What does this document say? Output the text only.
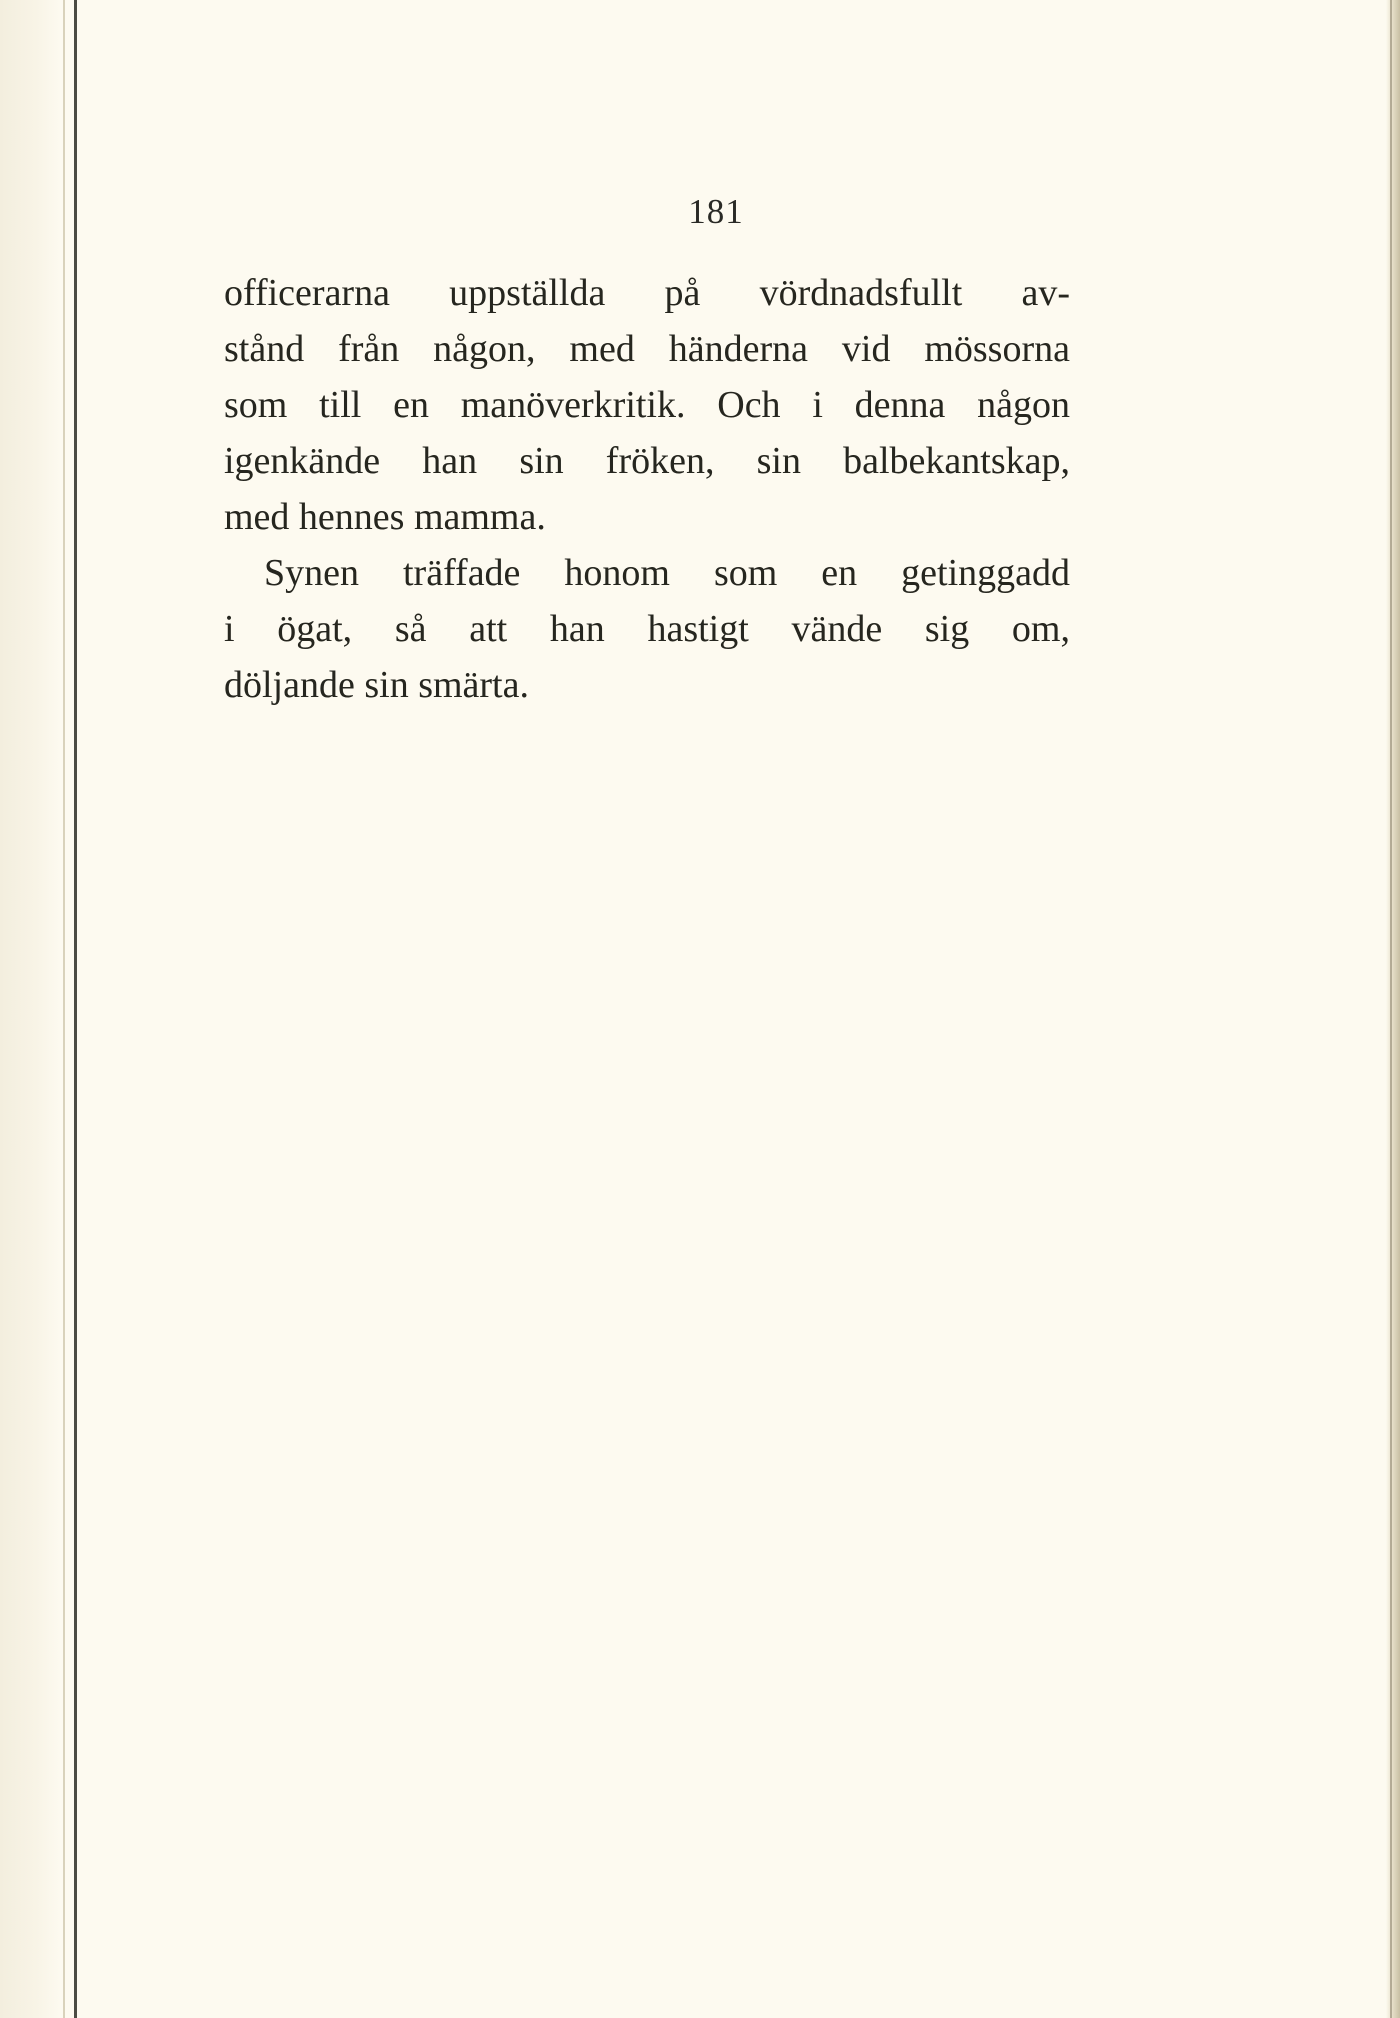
181
officerarna uppställda på vördnadsfullt av-
stånd från någon, med händerna vid mössorna
som till en manöverkritik. Och i denna någon
igenkände han sin fröken, sin balbekantskap,
med hennes mamma.
Synen träffade honom som en getinggadd
i ögat, så att han hastigt vände sig om,
döljande sin smärta.
